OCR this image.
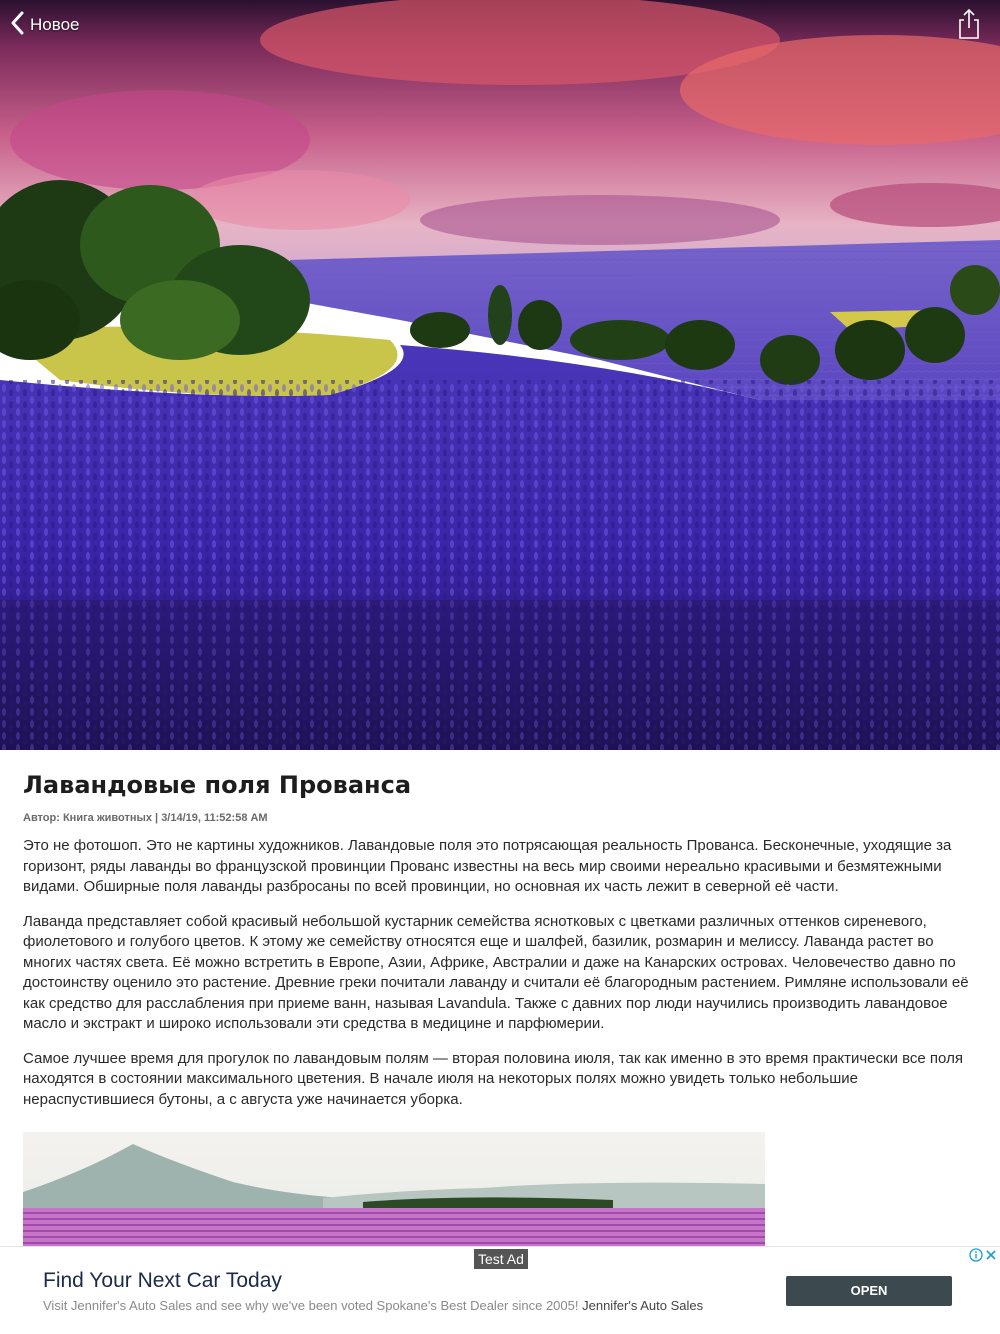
Новое
Лавандовые поля Прованса
Автор: Книга животных | 3/14/19, 11:52:58 AM

Это не фотошоп. Это не картины художников. Лавандовые поля это потрясающая реальность Прованса. Бесконечные, уходящие за горизонт, ряды лаванды во французской провинции Прованс известны на весь мир своими нереально красивыми и безмятежными видами. Обширные поля лаванды разбросаны по всей провинции, но основная их часть лежит в северной её части.

Лаванда представляет собой красивый небольшой кустарник семейства яснотковых с цветками различных оттенков сиреневого, фиолетового и голубого цветов. К этому же семейству относятся еще и шалфей, базилик, розмарин и мелиссу. Лаванда растет во многих частях света. Её можно встретить в Европе, Азии, Африке, Австралии и даже на Канарских островах. Человечество давно по достоинству оценило это растение. Древние греки почитали лаванду и считали её благородным растением. Римляне использовали её как средство для расслабления при приеме ванн, называя Lavandula. Также с давних пор люди научились производить лавандовое масло и экстракт и широко использовали эти средства в медицине и парфюмерии.

Самое лучшее время для прогулок по лавандовым полям — вторая половина июля, так как именно в это время практически все поля находятся в состоянии максимального цветения. В начале июля на некоторых полях можно увидеть только небольшие нераспустившиеся бутоны, а с августа уже начинается уборка.

Test Ad
Find Your Next Car Today
Visit Jennifer's Auto Sales and see why we've been voted Spokane's Best Dealer since 2005! Jennifer's Auto Sales
OPEN
